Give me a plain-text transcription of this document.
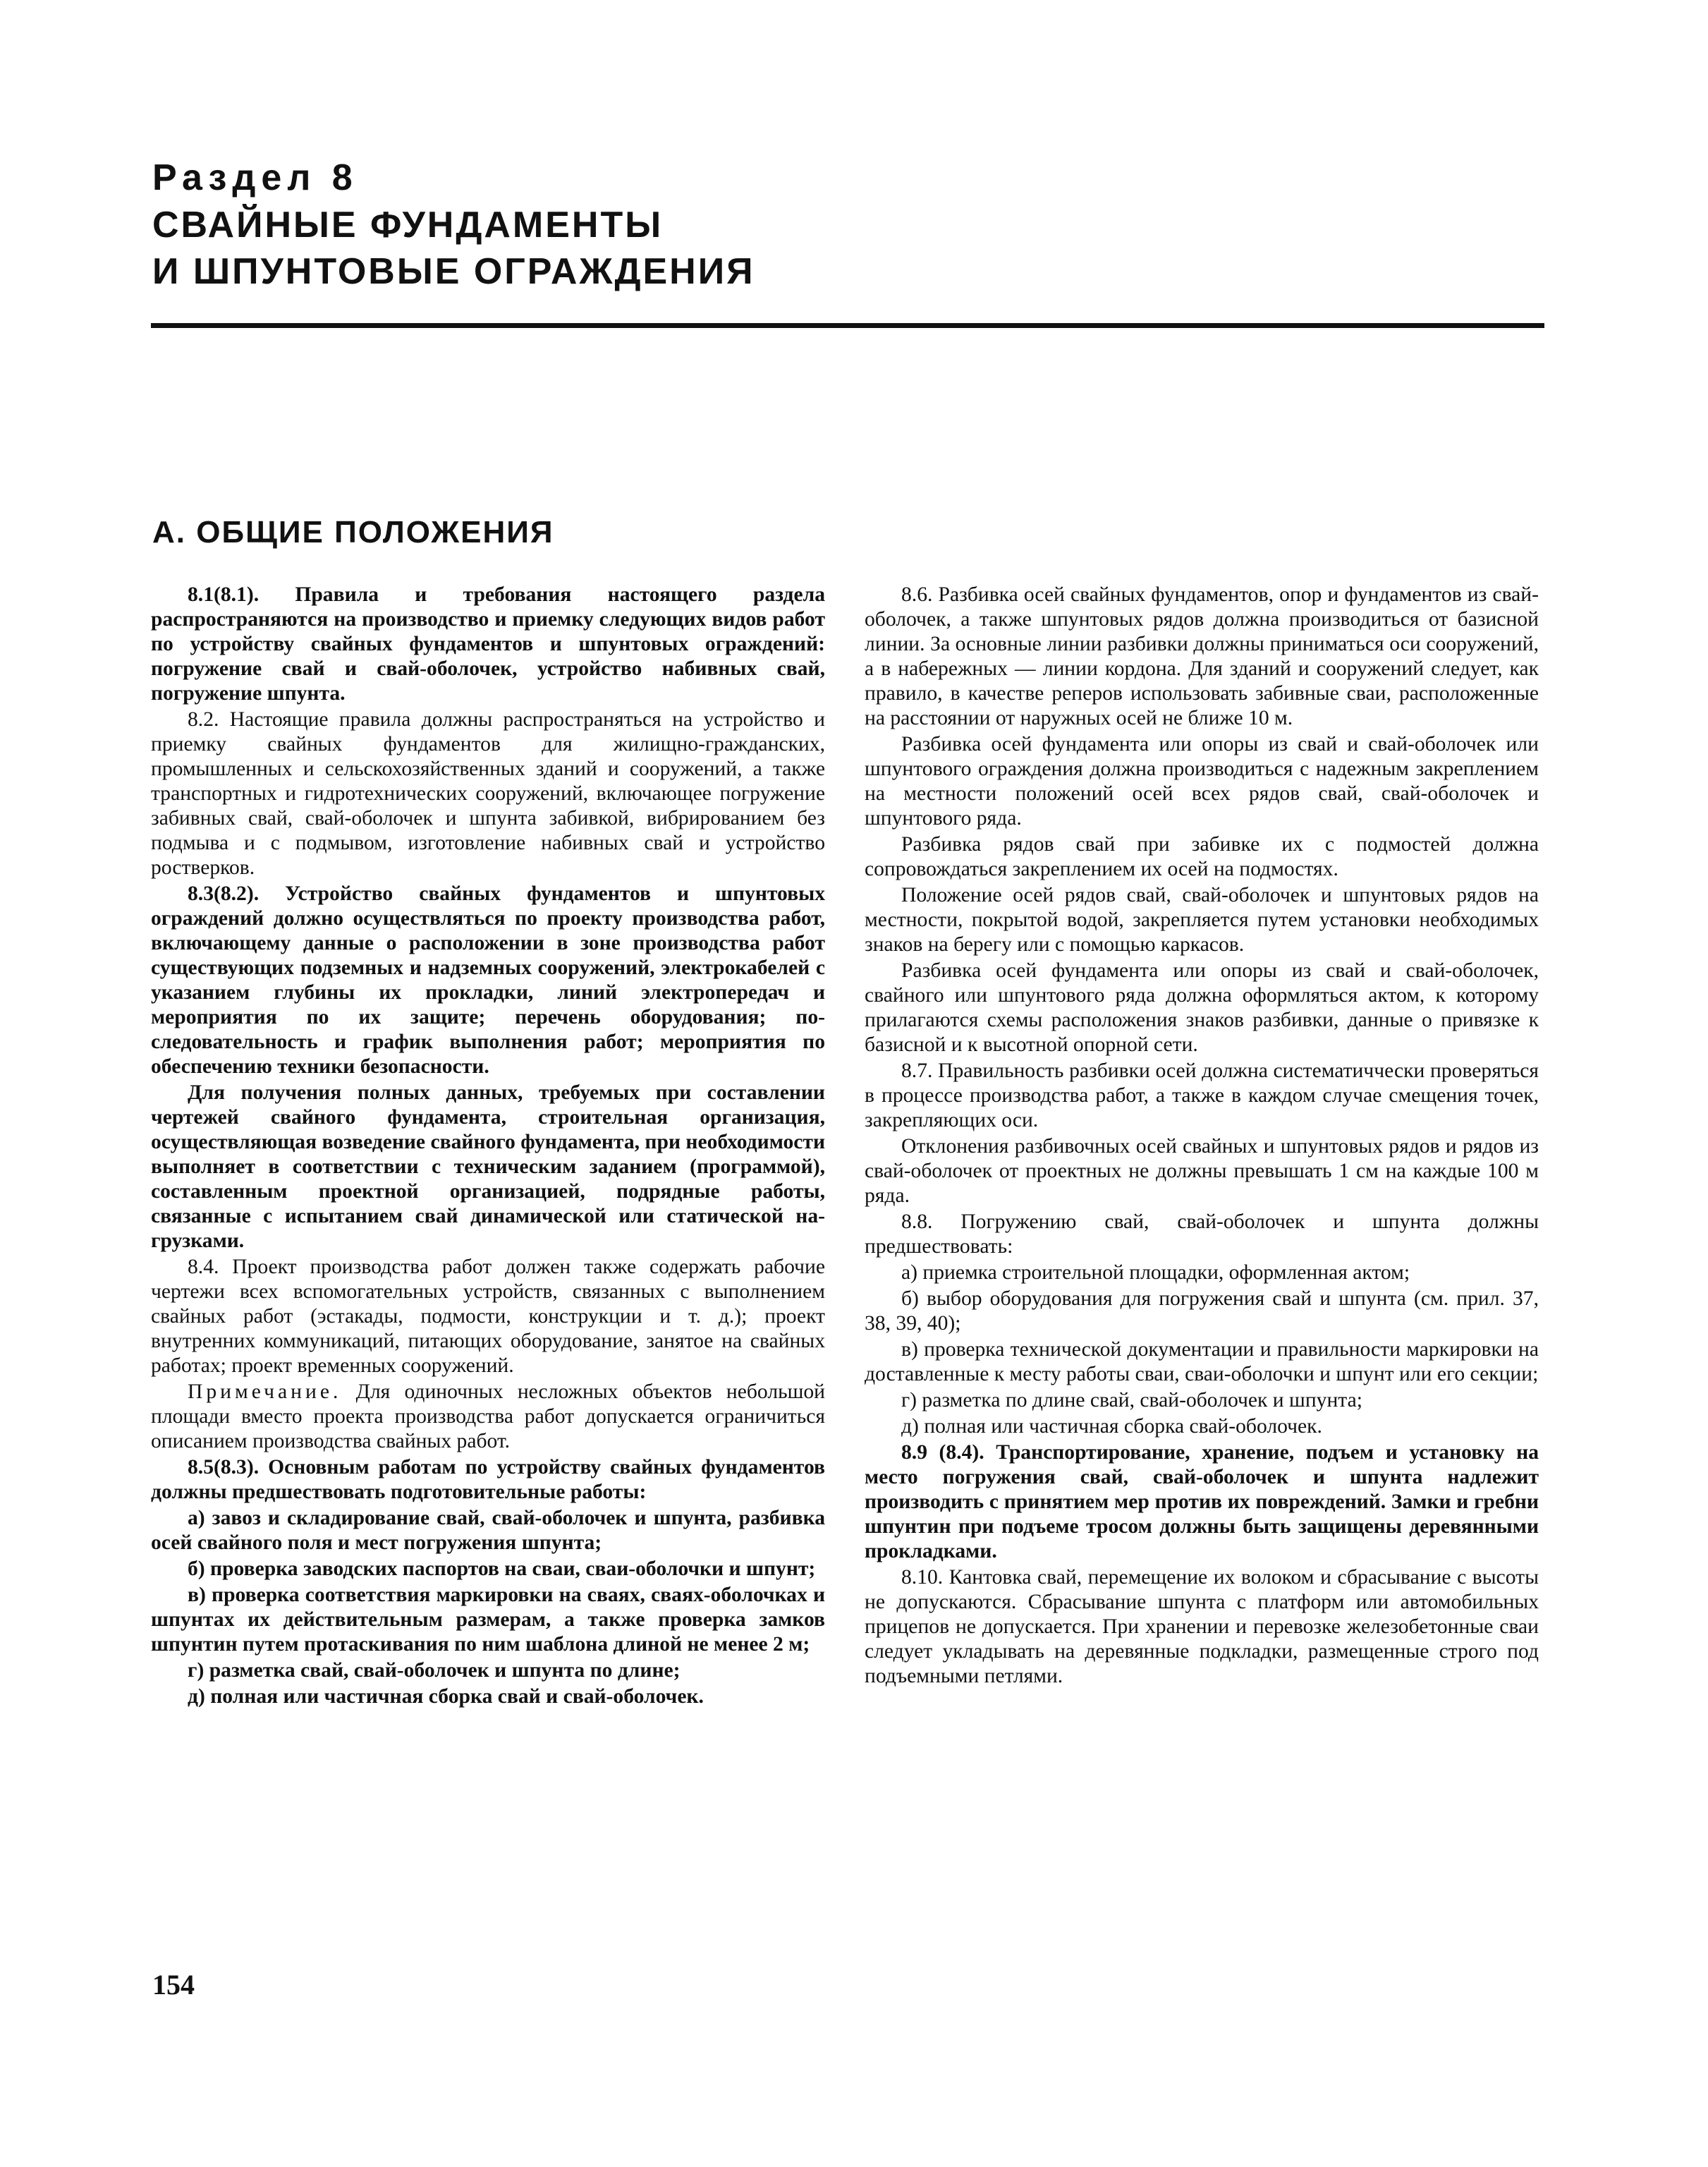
Раздел 8
СВАЙНЫЕ ФУНДАМЕНТЫ
И ШПУНТОВЫЕ ОГРАЖДЕНИЯ
А. ОБЩИЕ ПОЛОЖЕНИЯ

8.1(8.1). Правила и требования настоящего раздела распространяются на производство и приемку следующих видов работ по устройству свайных фундаментов и шпунтовых ограждений: погружение свай и свай-оболочек, устройство набивных свай, погружение шпунта.

8.2. Настоящие правила должны распространяться на устройство и приемку свайных фундаментов для жилищно-гражданских, промышленных и сельскохозяйственных зданий и сооружений, а также транспортных и гидротехнических сооружений, включающее погружение забивных свай, свай-оболочек и шпунта забивкой, вибрированием без подмыва и с подмывом, изготовление набивных свай и устройство ростверков.

8.3(8.2). Устройство свайных фундаментов и шпунтовых ограждений должно осуществляться по проекту производства работ, включающему данные о расположении в зоне производства работ существующих подземных и надземных сооружений, электрокабелей с указанием глубины их прокладки, линий электропередач и мероприятия по их защите; перечень оборудования; последовательность и график выполнения работ; мероприятия по обеспечению техники безопасности.

Для получения полных данных, требуемых при составлении чертежей свайного фундамента, строительная организация, осуществляющая возведение свайного фундамента, при необходимости выполняет в соответствии с техническим заданием (программой), составленным проектной организацией, подрядные работы, связанные с испытанием свай динамической или статической нагрузками.

8.4. Проект производства работ должен также содержать рабочие чертежи всех вспомогательных устройств, связанных с выполнением свайных работ (эстакады, подмости, конструкции и т. д.); проект внутренних коммуникаций, питающих оборудование, занятое на свайных работах; проект временных сооружений.

Примечание. Для одиночных несложных объектов небольшой площади вместо проекта производства работ допускается ограничиться описанием производства свайных работ.

8.5(8.3). Основным работам по устройству свайных фундаментов должны предшествовать подготовительные работы:

а) завоз и складирование свай, свай-оболочек и шпунта, разбивка осей свайного поля и мест погружения шпунта;

б) проверка заводских паспортов на сваи, сваи-оболочки и шпунт;

в) проверка соответствия маркировки на сваях, сваях-оболочках и шпунтах их действительным размерам, а также проверка замков шпунтин путем протаскивания по ним шаблона длиной не менее 2 м;

г) разметка свай, свай-оболочек и шпунта по длине;

д) полная или частичная сборка свай и свай-оболочек.

8.6. Разбивка осей свайных фундаментов, опор и фундаментов из свай-оболочек, а также шпунтовых рядов должна производиться от базисной линии. За основные линии разбивки должны приниматься оси сооружений, а в набережных — линии кордона. Для зданий и сооружений следует, как правило, в качестве реперов использовать забивные сваи, расположенные на расстоянии от наружных осей не ближе 10 м.

Разбивка осей фундамента или опоры из свай и свай-оболочек или шпунтового ограждения должна производиться с надежным закреплением на местности положений осей всех рядов свай, свай-оболочек и шпунтового ряда.

Разбивка рядов свай при забивке их с подмостей должна сопровождаться закреплением их осей на подмостях.

Положение осей рядов свай, свай-оболочек и шпунтовых рядов на местности, покрытой водой, закрепляется путем установки необходимых знаков на берегу или с помощью каркасов.

Разбивка осей фундамента или опоры из свай и свай-оболочек, свайного или шпунтового ряда должна оформляться актом, к которому прилагаются схемы расположения знаков разбивки, данные о привязке к базисной и к высотной опорной сети.

8.7. Правильность разбивки осей должна систематиччески проверяться в процессе производства работ, а также в каждом случае смещения точек, закрепляющих оси.

Отклонения разбивочных осей свайных и шпунтовых рядов и рядов из свай-оболочек от проектных не должны превышать 1 см на каждые 100 м ряда.

8.8. Погружению свай, свай-оболочек и шпунта должны предшествовать:

а) приемка строительной площадки, оформленная актом;

б) выбор оборудования для погружения свай и шпунта (см. прил. 37, 38, 39, 40);

в) проверка технической документации и правильности маркировки на доставленные к месту работы сваи, сваи-оболочки и шпунт или его секции;

г) разметка по длине свай, свай-оболочек и шпунта;

д) полная или частичная сборка свай-оболочек.

8.9 (8.4). Транспортирование, хранение, подъем и установку на место погружения свай, свай-оболочек и шпунта надлежит производить с принятием мер против их повреждений. Замки и гребни шпунтин при подъеме тросом должны быть защищены деревянными прокладками.

8.10. Кантовка свай, перемещение их волоком и сбрасывание с высоты не допускаются. Сбрасывание шпунта с платформ или автомобильных прицепов не допускается. При хранении и перевозке железобетонные сваи следует укладывать на деревянные подкладки, размещенные строго под подъемными петлями.

154
